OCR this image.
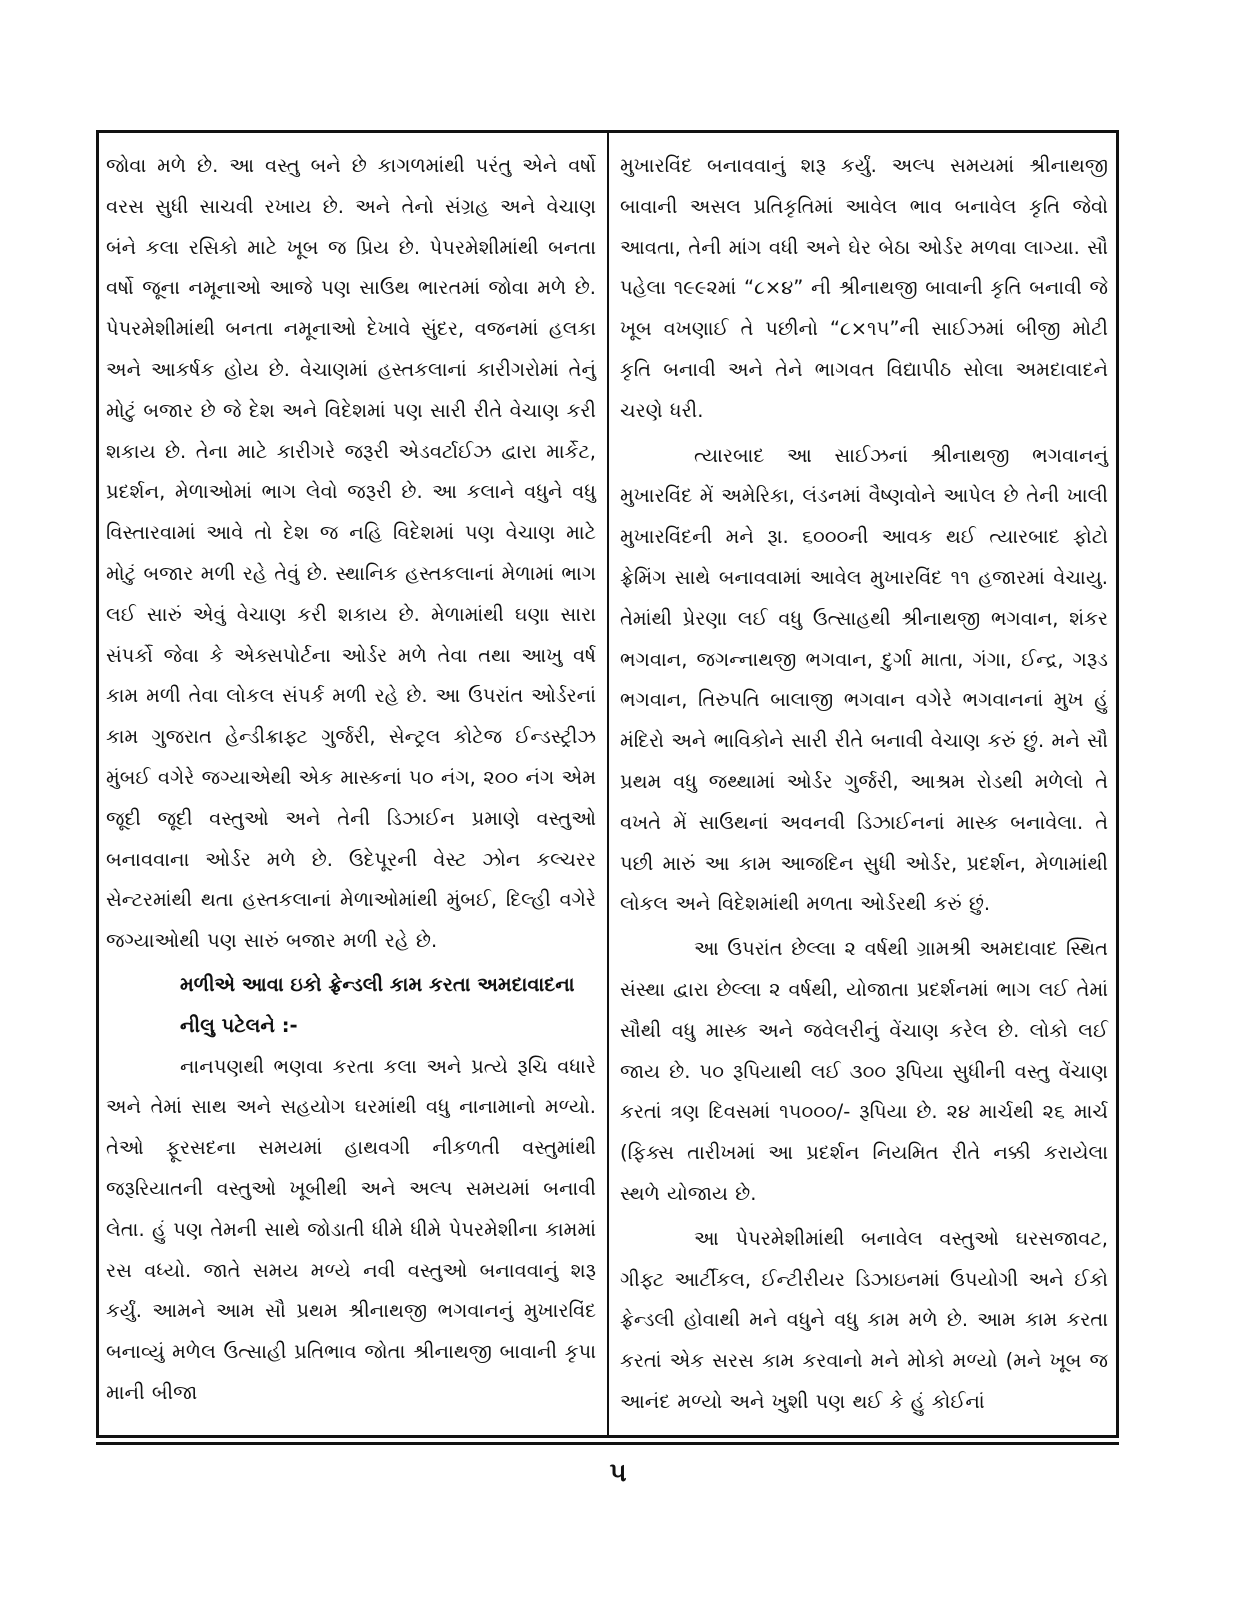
જોવા મળે છે. આ વસ્તુ બને છે કાગળમાંથી પરંતુ એને વર્ષો વરસ સુધી સાચવી રખાય છે. અને તેનો સંગ્રહ અને વેચાણ બંને કલા રસિકો માટે ખૂબ જ પ્રિય છે. પેપરમેશીમાંથી બનતા વર્ષો જૂના નમૂનાઓ આજે પણ સાઉથ ભારતમાં જોવા મળે છે. પેપરમેશીમાંથી બનતા નમૂનાઓ દેખાવે સુંદર, વજનમાં હલકા અને આકર્ષક હોય છે. વેચાણમાં હસ્તકલાનાં કારીગરોમાં તેનું મોટું બજાર છે જે દેશ અને વિદેશમાં પણ સારી રીતે વેચાણ કરી શકાય છે. તેના માટે કારીગરે જરૂરી એડવર્ટાઈઝ દ્વારા માર્કેટ, પ્રદર્શન, મેળાઓમાં ભાગ લેવો જરૂરી છે. આ કલાને વધુને વધુ વિસ્તારવામાં આવે તો દેશ જ નહિ વિદેશમાં પણ વેચાણ માટે મોટું બજાર મળી રહે તેવું છે. સ્થાનિક હસ્તકલાનાં મેળામાં ભાગ લઈ સારું એવું વેચાણ કરી શકાય છે. મેળામાંથી ઘણા સારા સંપર્કો જેવા કે એક્સપોર્ટના ઓર્ડર મળે તેવા તથા આખુ વર્ષ કામ મળી તેવા લોકલ સંપર્ક મળી રહે છે. આ ઉપરાંત ઓર્ડરનાં કામ ગુજરાત હેન્ડીક્રાફ્ટ ગુર્જરી, સેન્ટ્રલ કોટેજ ઈન્ડસ્ટ્રીઝ મુંબઈ વગેરે જગ્યાએથી એક માસ્કનાં ૫૦ નંગ, ૨૦૦ નંગ એમ જૂદી જૂદી વસ્તુઓ અને તેની ડિઝાઈન પ્રમાણે વસ્તુઓ બનાવવાના ઓર્ડર મળે છે. ઉદેપૂરની વેસ્ટ ઝોન કલ્ચરર સેન્ટરમાંથી થતા હસ્તકલાનાં મેળાઓમાંથી મુંબઈ, દિલ્હી વગેરે જગ્યાઓથી પણ સારું બજાર મળી રહે છે.

મળીએ આવા ઇકો ફ્રેન્ડલી કામ કરતા અમદાવાદના નીલુ પટેલને :-

નાનપણથી ભણવા કરતા કલા અને પ્રત્યે રૂચિ વધારે અને તેમાં સાથ અને સહયોગ ઘરમાંથી વધુ નાનામાનો મળ્યો. તેઓ ફૂરસદના સમયમાં હાથવગી નીકળતી વસ્તુમાંથી જરૂરિયાતની વસ્તુઓ ખૂબીથી અને અલ્પ સમયમાં બનાવી લેતા. હું પણ તેમની સાથે જોડાતી ધીમે ધીમે પેપરમેશીના કામમાં રસ વધ્યો. જાતે સમય મળ્યે નવી વસ્તુઓ બનાવવાનું શરૂ કર્યું. આમને આમ સૌ પ્રથમ શ્રીનાથજી ભગવાનનું મુખારવિંદ બનાવ્યું મળેલ ઉત્સાહી પ્રતિભાવ જોતા શ્રીનાથજી બાવાની કૃપા માની બીજા

મુખારવિંદ બનાવવાનું શરૂ કર્યું. અલ્પ સમયમાં શ્રીનાથજી બાવાની અસલ પ્રતિકૃતિમાં આવેલ ભાવ બનાવેલ કૃતિ જેવો આવતા, તેની માંગ વધી અને ઘેર બેઠા ઓર્ડર મળવા લાગ્યા. સૌ પહેલા ૧૯૯૨માં “૮×૪” ની શ્રીનાથજી બાવાની કૃતિ બનાવી જે ખૂબ વખણાઈ તે પછીનો “૮×૧૫”ની સાઈઝમાં બીજી મોટી કૃતિ બનાવી અને તેને ભાગવત વિદ્યાપીઠ સોલા અમદાવાદને ચરણે ધરી.

ત્યારબાદ આ સાઈઝનાં શ્રીનાથજી ભગવાનનું મુખારવિંદ મેં અમેરિકા, લંડનમાં વૈષ્ણવોને આપેલ છે તેની ખાલી મુખારવિંદની મને રૂા. ૬૦૦૦ની આવક થઈ ત્યારબાદ ફોટો ફ્રેમિંગ સાથે બનાવવામાં આવેલ મુખારવિંદ ૧૧ હજારમાં વેચાયુ. તેમાંથી પ્રેરણા લઈ વધુ ઉત્સાહથી શ્રીનાથજી ભગવાન, શંકર ભગવાન, જગન્નાથજી ભગવાન, દુર્ગા માતા, ગંગા, ઈન્દ્ર, ગરૂડ ભગવાન, તિરુપતિ બાલાજી ભગવાન વગેરે ભગવાનનાં મુખ હું મંદિરો અને ભાવિકોને સારી રીતે બનાવી વેચાણ કરું છું. મને સૌ પ્રથમ વધુ જથ્થામાં ઓર્ડર ગુર્જરી, આશ્રમ રોડથી મળેલો તે વખતે મેં સાઉથનાં અવનવી ડિઝાઈનનાં માસ્ક બનાવેલા. તે પછી મારું આ કામ આજદિન સુધી ઓર્ડર, પ્રદર્શન, મેળામાંથી લોકલ અને વિદેશમાંથી મળતા ઓર્ડરથી કરું છું.

આ ઉપરાંત છેલ્લા ૨ વર્ષથી ગ્રામશ્રી અમદાવાદ સ્થિત સંસ્થા દ્વારા છેલ્લા ૨ વર્ષથી, યોજાતા પ્રદર્શનમાં ભાગ લઈ તેમાં સૌથી વધુ માસ્ક અને જવેલરીનું વેંચાણ કરેલ છે. લોકો લઈ જાય છે. ૫૦ રૂપિયાથી લઈ ૩૦૦ રૂપિયા સુધીની વસ્તુ વેંચાણ કરતાં ત્રણ દિવસમાં ૧૫૦૦૦/- રૂપિયા છે. ૨૪ માર્ચથી ૨૬ માર્ચ (ફિક્સ તારીખમાં આ પ્રદર્શન નિયમિત રીતે નક્કી કરાયેલા સ્થળે યોજાય છે.

આ પેપરમેશીમાંથી બનાવેલ વસ્તુઓ ઘરસજાવટ, ગીફ્ટ આર્ટીકલ, ઈન્ટીરીયર ડિઝાઇનમાં ઉપયોગી અને ઈકો ફ્રેન્ડલી હોવાથી મને વધુને વધુ કામ મળે છે. આમ કામ કરતા કરતાં એક સરસ કામ કરવાનો મને મોકો મળ્યો (મને ખૂબ જ આનંદ મળ્યો અને ખુશી પણ થઈ કે હું કોઈનાં

૫
